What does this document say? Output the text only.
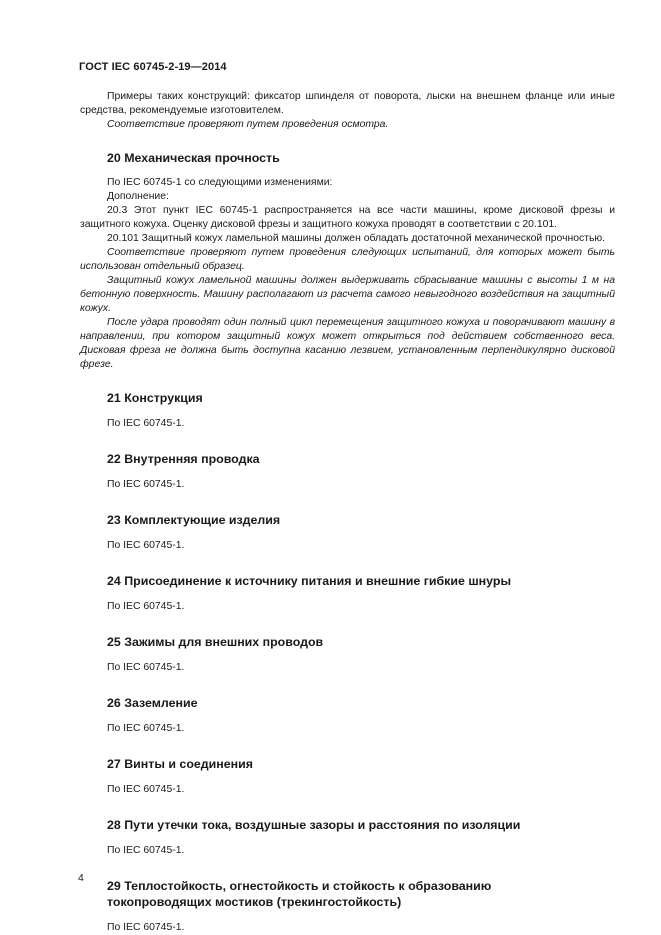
ГОСТ IEC 60745-2-19—2014

Примеры таких конструкций: фиксатор шпинделя от поворота, лыски на внешнем фланце или иные средства, рекомендуемые изготовителем.

Соответствие проверяют путем проведения осмотра.

20 Механическая прочность

По IEC 60745-1 со следующими изменениями:

Дополнение:

20.3 Этот пункт IEC 60745-1 распространяется на все части машины, кроме дисковой фрезы и защитного кожуха. Оценку дисковой фрезы и защитного кожуха проводят в соответствии с 20.101.

20.101 Защитный кожух ламельной машины должен обладать достаточной механической прочностью.

Соответствие проверяют путем проведения следующих испытаний, для которых может быть использован отдельный образец.

Защитный кожух ламельной машины должен выдерживать сбрасывание машины с высоты 1 м на бетонную поверхность. Машину располагают из расчета самого невыгодного воздействия на защитный кожух.

После удара проводят один полный цикл перемещения защитного кожуха и поворачивают машину в направлении, при котором защитный кожух может открыться под действием собственного веса. Дисковая фреза не должна быть доступна касанию лезвием, установленным перпендикулярно дисковой фрезе.

21 Конструкция

По IEC 60745-1.

22 Внутренняя проводка

По IEC 60745-1.

23 Комплектующие изделия

По IEC 60745-1.

24 Присоединение к источнику питания и внешние гибкие шнуры

По IEC 60745-1.

25 Зажимы для внешних проводов

По IEC 60745-1.

26 Заземление

По IEC 60745-1.

27 Винты и соединения

По IEC 60745-1.

28 Пути утечки тока, воздушные зазоры и расстояния по изоляции

По IEC 60745-1.

29 Теплостойкость, огнестойкость и стойкость к образованию токопроводящих мостиков (трекингостойкость)

По IEC 60745-1.

4
